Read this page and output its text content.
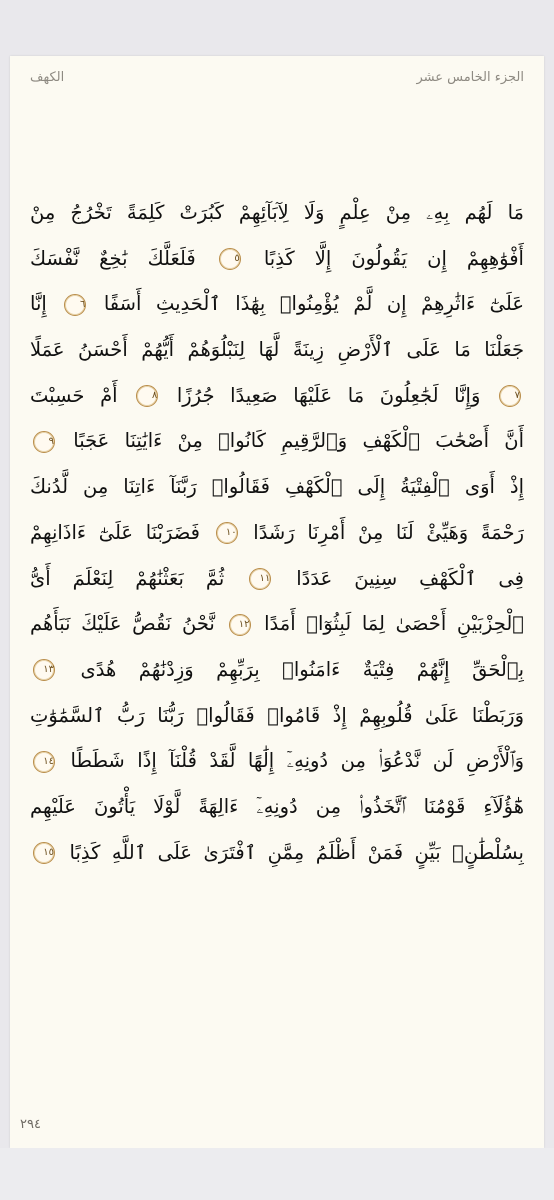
الجزء الخامس عشر
الكهف
مَا لَهُم بِهِۦ مِنْ عِلْمٍ وَلَا لِآبَآئِهِمْ كَبُرَتْ كَلِمَةً تَخْرُجُ مِنْ
أَفْوَٰهِهِمْ إِن يَقُولُونَ إِلَّا كَذِبًا ٥ فَلَعَلَّكَ بَٰخِعٌ نَّفْسَكَ
عَلَىٰٓ ءَاثَٰرِهِمْ إِن لَّمْ يُؤْمِنُوا۟ بِهَٰذَا ٱلْحَدِيثِ أَسَفًا ٦ إِنَّا
جَعَلْنَا مَا عَلَى ٱلْأَرْضِ زِينَةً لَّهَا لِنَبْلُوَهُمْ أَيُّهُمْ أَحْسَنُ عَمَلًا
٧ وَإِنَّا لَجَٰعِلُونَ مَا عَلَيْهَا صَعِيدًا جُرُزًا ٨ أَمْ حَسِبْتَ
أَنَّ أَصْحَٰبَ ٱلْكَهْفِ وَٱلرَّقِيمِ كَانُوا۟ مِنْ ءَايَٰتِنَا عَجَبًا ٩
إِذْ أَوَى ٱلْفِتْيَةُ إِلَى ٱلْكَهْفِ فَقَالُوا۟ رَبَّنَآ ءَاتِنَا مِن لَّدُنكَ
رَحْمَةً وَهَيِّئْ لَنَا مِنْ أَمْرِنَا رَشَدًا ١٠ فَضَرَبْنَا عَلَىٰٓ ءَاذَانِهِمْ
فِى ٱلْكَهْفِ سِنِينَ عَدَدًا ١١ ثُمَّ بَعَثْنَٰهُمْ لِنَعْلَمَ أَىُّ
ٱلْحِزْبَيْنِ أَحْصَىٰ لِمَا لَبِثُوٓا۟ أَمَدًا ١٢ نَّحْنُ نَقُصُّ عَلَيْكَ نَبَأَهُم
بِٱلْحَقِّ إِنَّهُمْ فِتْيَةٌ ءَامَنُوا۟ بِرَبِّهِمْ وَزِدْنَٰهُمْ هُدًى ١٣
وَرَبَطْنَا عَلَىٰ قُلُوبِهِمْ إِذْ قَامُوا۟ فَقَالُوا۟ رَبُّنَا رَبُّ ٱلسَّمَٰوَٰتِ
وَٱلْأَرْضِ لَن نَّدْعُوَا۟ مِن دُونِهِۦٓ إِلَٰهًا لَّقَدْ قُلْنَآ إِذًا شَطَطًا ١٤
هَٰٓؤُلَآءِ قَوْمُنَا ٱتَّخَذُوا۟ مِن دُونِهِۦٓ ءَالِهَةً لَّوْلَا يَأْتُونَ عَلَيْهِم
بِسُلْطَٰنٍۭ بَيِّنٍ فَمَنْ أَظْلَمُ مِمَّنِ ٱفْتَرَىٰ عَلَى ٱللَّهِ كَذِبًا ١٥
٢٩٤
